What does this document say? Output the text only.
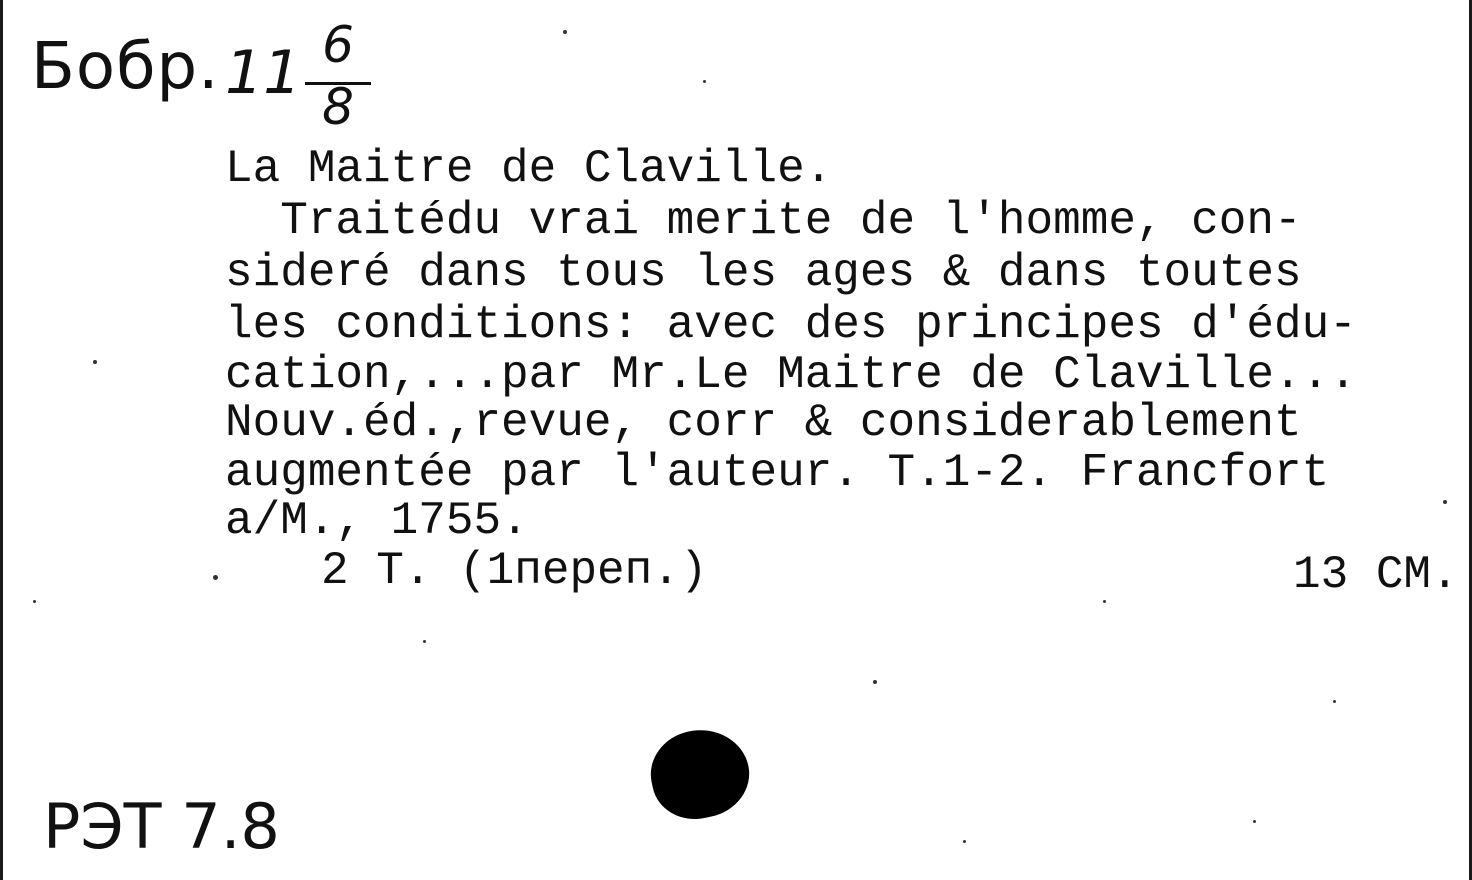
Бобр. 11 6
8
La Maitre de Claville.
Traitédu vrai merite de l'homme, con-
sideré dans tous les ages & dans toutes
les conditions: avec des principes d'édu-
cation,...par Mr.Le Maitre de Claville...
Nouv.éd.,revue, corr & considerablement
augmentée par l'auteur. T.1-2. Francfort
a/M., 1755.
2 T. (1переп.)	13 CM.
РЭТ 7.8
